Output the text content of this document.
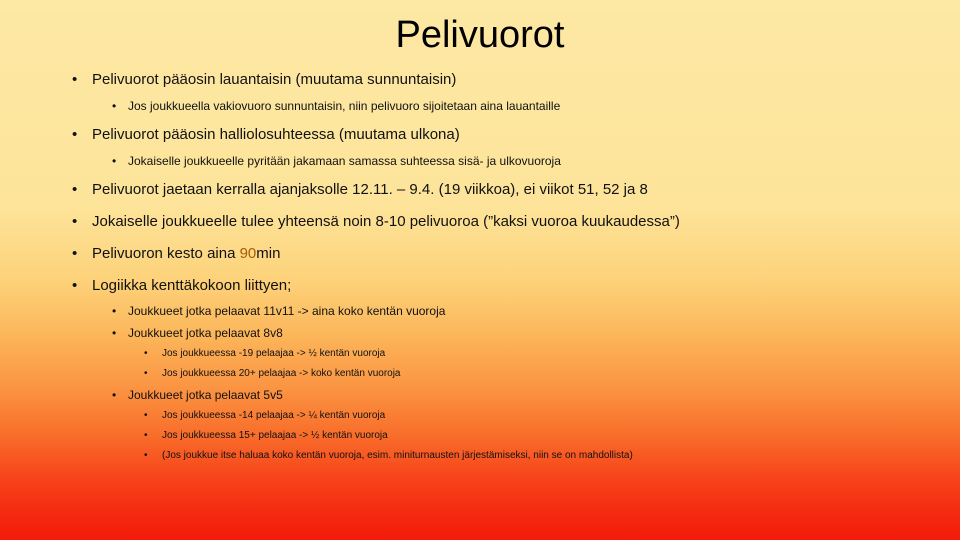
Pelivuorot
• Pelivuorot pääosin lauantaisin (muutama sunnuntaisin)
• Jos joukkueella vakiovuoro sunnuntaisin, niin pelivuoro sijoitetaan aina lauantaille
• Pelivuorot pääosin halliolosuhteessa (muutama ulkona)
• Jokaiselle joukkueelle pyritään jakamaan samassa suhteessa sisä- ja ulkovuoroja
• Pelivuorot jaetaan kerralla ajanjaksolle 12.11. – 9.4. (19 viikkoa), ei viikot 51, 52 ja 8
• Jokaiselle joukkueelle tulee yhteensä noin 8-10 pelivuoroa (”kaksi vuoroa kuukaudessa”)
• Pelivuoron kesto aina 90min
• Logiikka kenttäkokoon liittyen;
• Joukkueet jotka pelaavat 11v11 -> aina koko kentän vuoroja
• Joukkueet jotka pelaavat 8v8
• Jos joukkueessa -19 pelaajaa -> ½ kentän vuoroja
• Jos joukkueessa 20+ pelaajaa -> koko kentän vuoroja
• Joukkueet jotka pelaavat 5v5
• Jos joukkueessa -14 pelaajaa -> ¼ kentän vuoroja
• Jos joukkueessa 15+ pelaajaa -> ½ kentän vuoroja
• (Jos joukkue itse haluaa koko kentän vuoroja, esim. miniturnausten järjestämiseksi, niin se on mahdollista)
